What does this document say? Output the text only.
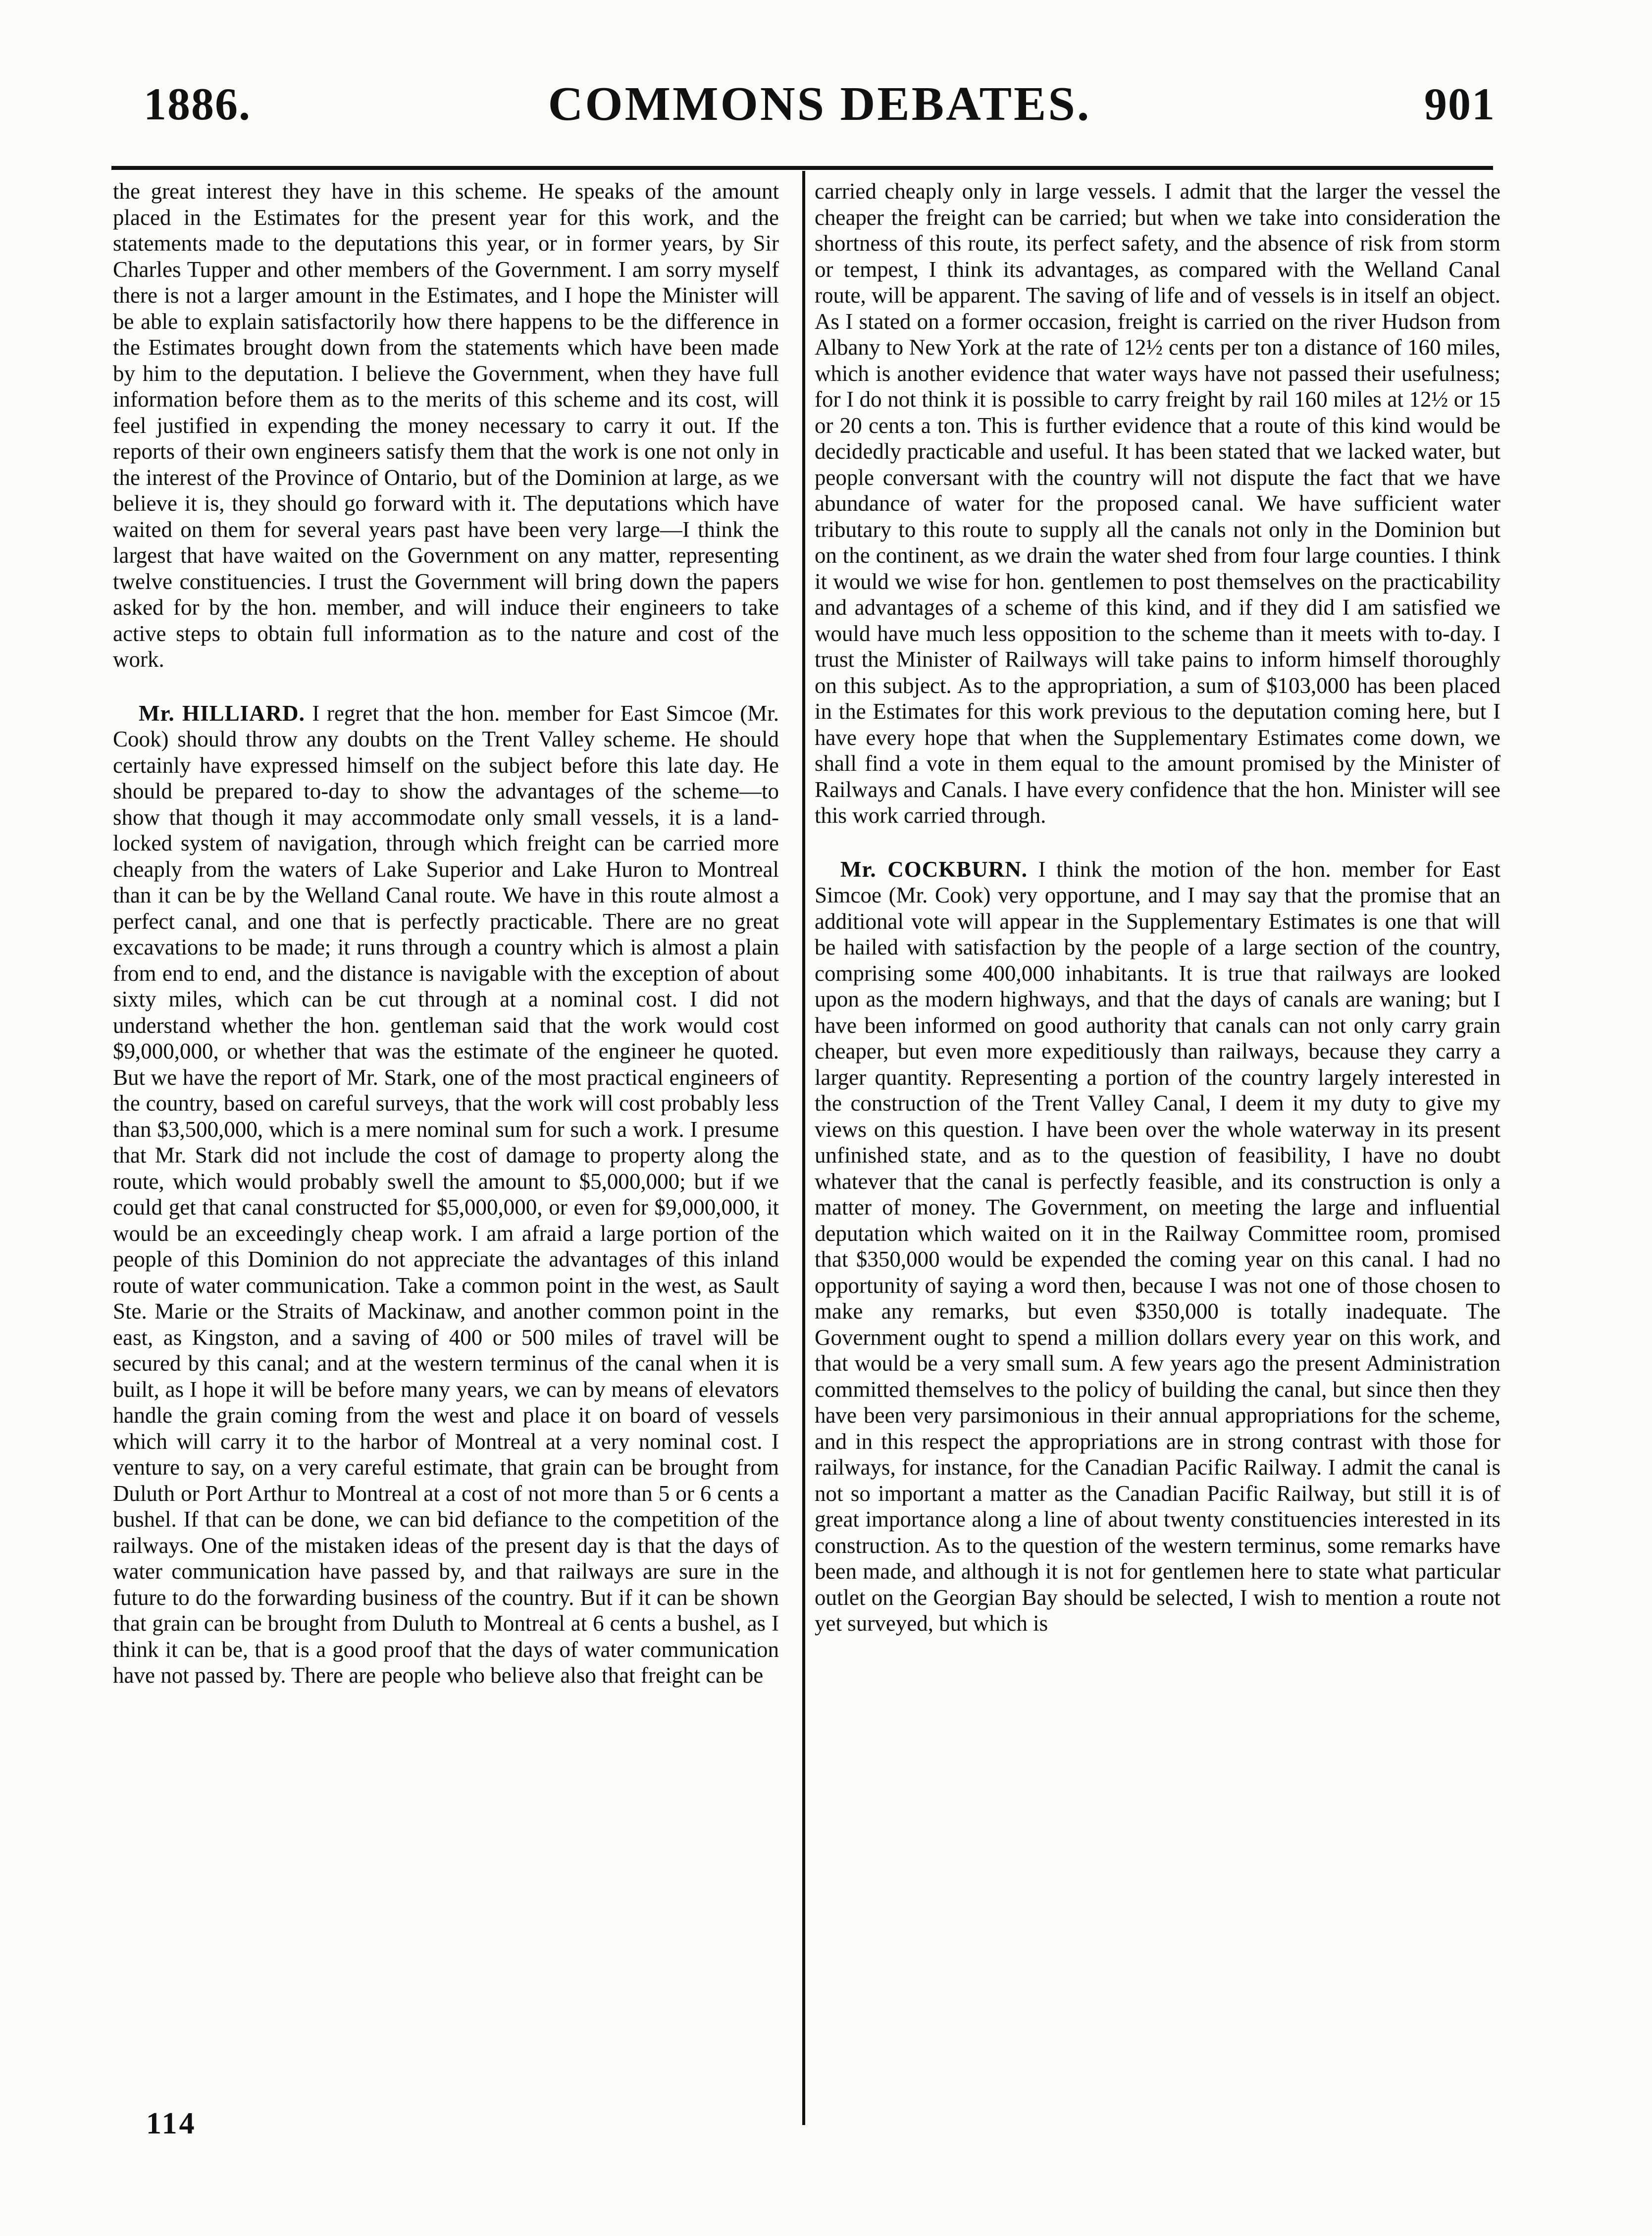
1886.	COMMONS DEBATES.	901

the great interest they have in this scheme. He speaks of the amount placed in the Estimates for the present year for this work, and the statements made to the deputations this year, or in former years, by Sir Charles Tupper and other members of the Government. I am sorry myself there is not a larger amount in the Estimates, and I hope the Minister will be able to explain satisfactorily how there happens to be the difference in the Estimates brought down from the statements which have been made by him to the deputation. I believe the Government, when they have full information before them as to the merits of this scheme and its cost, will feel justified in expending the money necessary to carry it out. If the reports of their own engineers satisfy them that the work is one not only in the interest of the Province of Ontario, but of the Dominion at large, as we believe it is, they should go forward with it. The deputations which have waited on them for several years past have been very large—I think the largest that have waited on the Government on any matter, representing twelve constituencies. I trust the Government will bring down the papers asked for by the hon. member, and will induce their engineers to take active steps to obtain full information as to the nature and cost of the work.

Mr. HILLIARD. I regret that the hon. member for East Simcoe (Mr. Cook) should throw any doubts on the Trent Valley scheme. He should certainly have expressed himself on the subject before this late day. He should be prepared to-day to show the advantages of the scheme—to show that though it may accommodate only small vessels, it is a land-locked system of navigation, through which freight can be carried more cheaply from the waters of Lake Superior and Lake Huron to Montreal than it can be by the Welland Canal route. We have in this route almost a perfect canal, and one that is perfectly practicable. There are no great excavations to be made; it runs through a country which is almost a plain from end to end, and the distance is navigable with the exception of about sixty miles, which can be cut through at a nominal cost. I did not understand whether the hon. gentleman said that the work would cost $9,000,000, or whether that was the estimate of the engineer he quoted. But we have the report of Mr. Stark, one of the most practical engineers of the country, based on careful surveys, that the work will cost probably less than $3,500,000, which is a mere nominal sum for such a work. I presume that Mr. Stark did not include the cost of damage to property along the route, which would probably swell the amount to $5,000,000; but if we could get that canal constructed for $5,000,000, or even for $9,000,000, it would be an exceedingly cheap work. I am afraid a large portion of the people of this Dominion do not appreciate the advantages of this inland route of water communication. Take a common point in the west, as Sault Ste. Marie or the Straits of Mackinaw, and another common point in the east, as Kingston, and a saving of 400 or 500 miles of travel will be secured by this canal; and at the western terminus of the canal when it is built, as I hope it will be before many years, we can by means of elevators handle the grain coming from the west and place it on board of vessels which will carry it to the harbor of Montreal at a very nominal cost. I venture to say, on a very careful estimate, that grain can be brought from Duluth or Port Arthur to Montreal at a cost of not more than 5 or 6 cents a bushel. If that can be done, we can bid defiance to the competition of the railways. One of the mistaken ideas of the present day is that the days of water communication have passed by, and that railways are sure in the future to do the forwarding business of the country. But if it can be shown that grain can be brought from Duluth to Montreal at 6 cents a bushel, as I think it can be, that is a good proof that the days of water communication have not passed by. There are people who believe also that freight can be

carried cheaply only in large vessels. I admit that the larger the vessel the cheaper the freight can be carried; but when we take into consideration the shortness of this route, its perfect safety, and the absence of risk from storm or tempest, I think its advantages, as compared with the Welland Canal route, will be apparent. The saving of life and of vessels is in itself an object. As I stated on a former occasion, freight is carried on the river Hudson from Albany to New York at the rate of 12½ cents per ton a distance of 160 miles, which is another evidence that water ways have not passed their usefulness; for I do not think it is possible to carry freight by rail 160 miles at 12½ or 15 or 20 cents a ton. This is further evidence that a route of this kind would be decidedly practicable and useful. It has been stated that we lacked water, but people conversant with the country will not dispute the fact that we have abundance of water for the proposed canal. We have sufficient water tributary to this route to supply all the canals not only in the Dominion but on the continent, as we drain the water shed from four large counties. I think it would we wise for hon. gentlemen to post themselves on the practicability and advantages of a scheme of this kind, and if they did I am satisfied we would have much less opposition to the scheme than it meets with to-day. I trust the Minister of Railways will take pains to inform himself thoroughly on this subject. As to the appropriation, a sum of $103,000 has been placed in the Estimates for this work previous to the deputation coming here, but I have every hope that when the Supplementary Estimates come down, we shall find a vote in them equal to the amount promised by the Minister of Railways and Canals. I have every confidence that the hon. Minister will see this work carried through.

Mr. COCKBURN. I think the motion of the hon. member for East Simcoe (Mr. Cook) very opportune, and I may say that the promise that an additional vote will appear in the Supplementary Estimates is one that will be hailed with satisfaction by the people of a large section of the country, comprising some 400,000 inhabitants. It is true that railways are looked upon as the modern highways, and that the days of canals are waning; but I have been informed on good authority that canals can not only carry grain cheaper, but even more expeditiously than railways, because they carry a larger quantity. Representing a portion of the country largely interested in the construction of the Trent Valley Canal, I deem it my duty to give my views on this question. I have been over the whole waterway in its present unfinished state, and as to the question of feasibility, I have no doubt whatever that the canal is perfectly feasible, and its construction is only a matter of money. The Government, on meeting the large and influential deputation which waited on it in the Railway Committee room, promised that $350,000 would be expended the coming year on this canal. I had no opportunity of saying a word then, because I was not one of those chosen to make any remarks, but even $350,000 is totally inadequate. The Government ought to spend a million dollars every year on this work, and that would be a very small sum. A few years ago the present Administration committed themselves to the policy of building the canal, but since then they have been very parsimonious in their annual appropriations for the scheme, and in this respect the appropriations are in strong contrast with those for railways, for instance, for the Canadian Pacific Railway. I admit the canal is not so important a matter as the Canadian Pacific Railway, but still it is of great importance along a line of about twenty constituencies interested in its construction. As to the question of the western terminus, some remarks have been made, and although it is not for gentlemen here to state what particular outlet on the Georgian Bay should be selected, I wish to mention a route not yet surveyed, but which is

114
